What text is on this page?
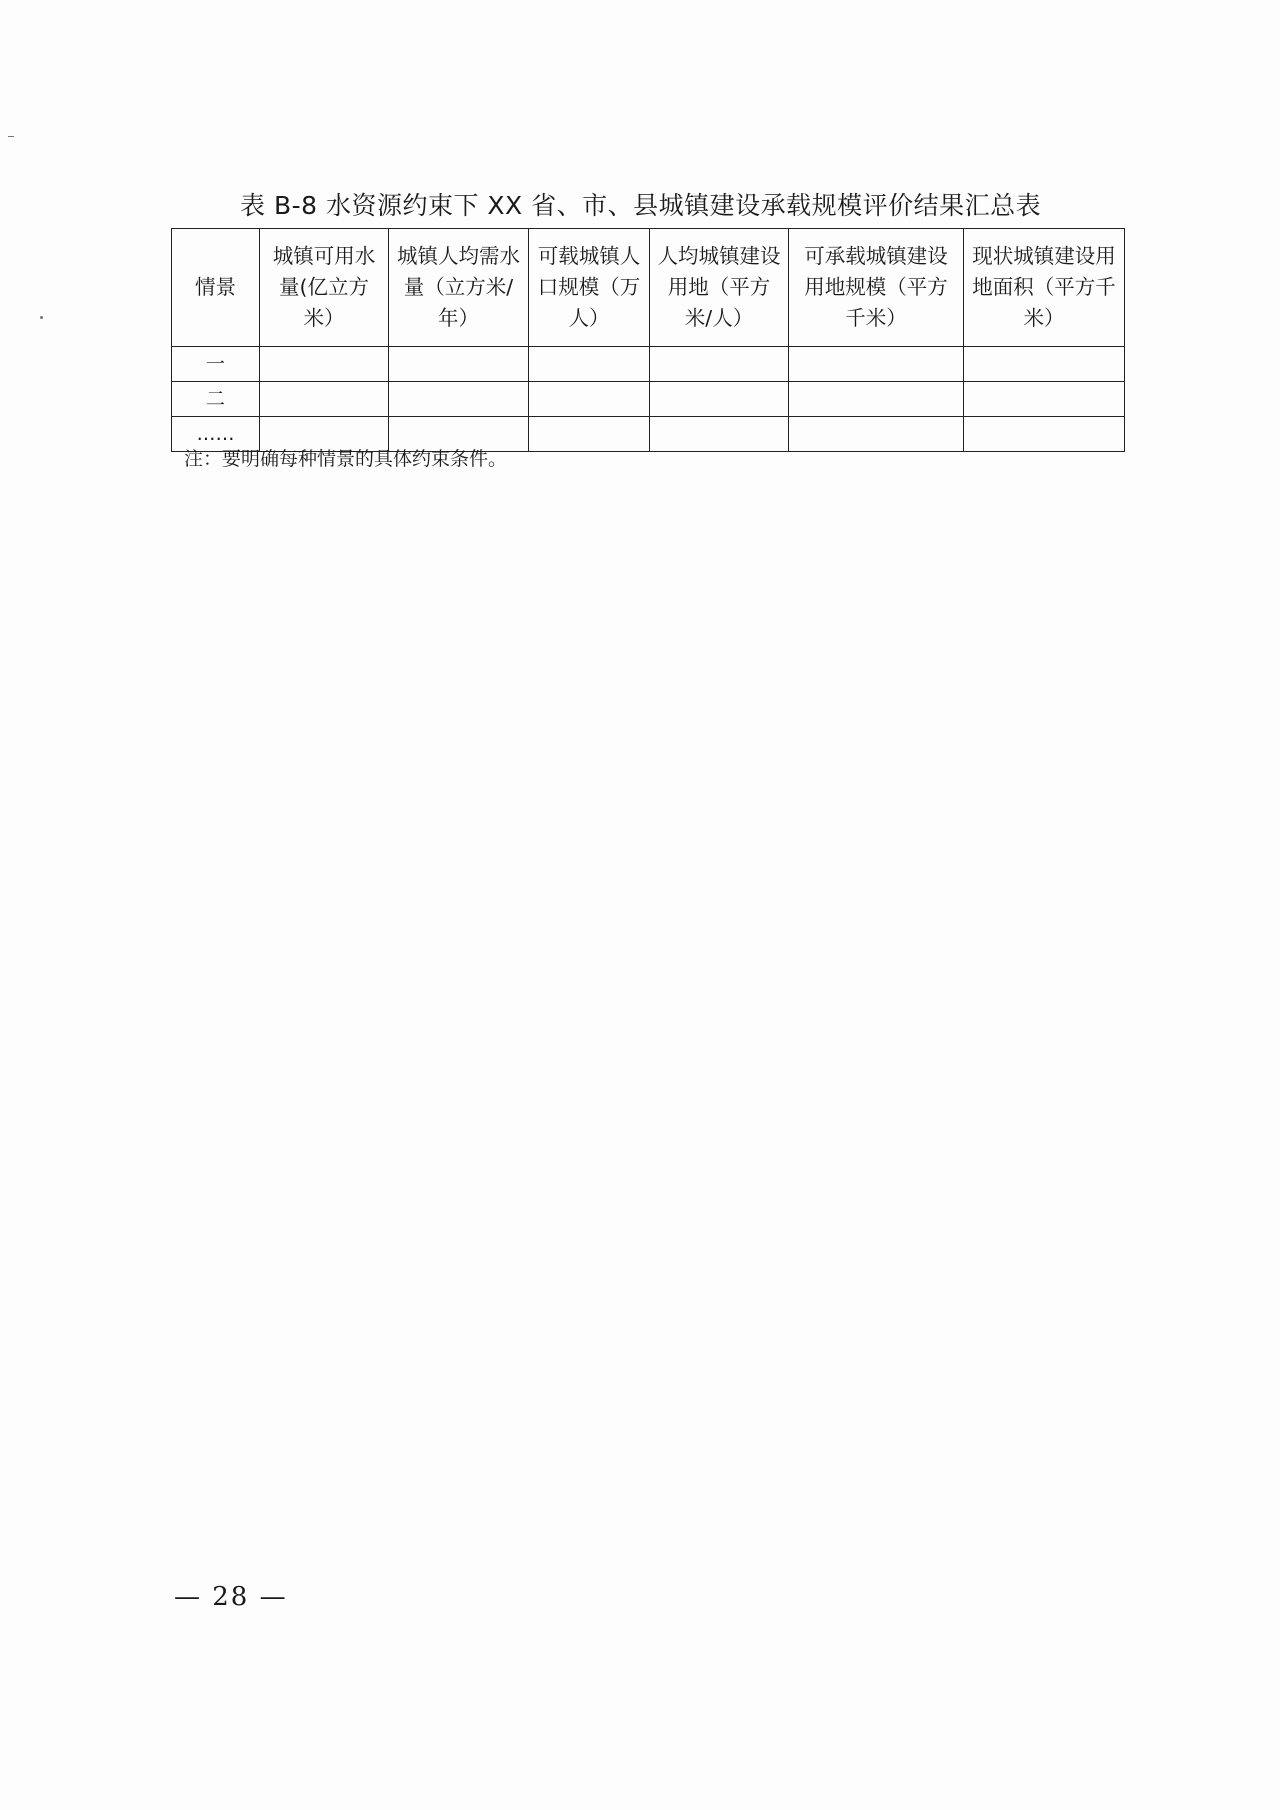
表 B-8 水资源约束下 XX 省、市、县城镇建设承载规模评价结果汇总表
情景	城镇可用水量(亿立方米）	城镇人均需水量（立方米/年）	可载城镇人口规模（万人）	人均城镇建设用地（平方米/人）	可承载城镇建设用地规模（平方千米）	现状城镇建设用地面积（平方千米）
一						
二						
……						
注：要明确每种情景的具体约束条件。
— 28 —
